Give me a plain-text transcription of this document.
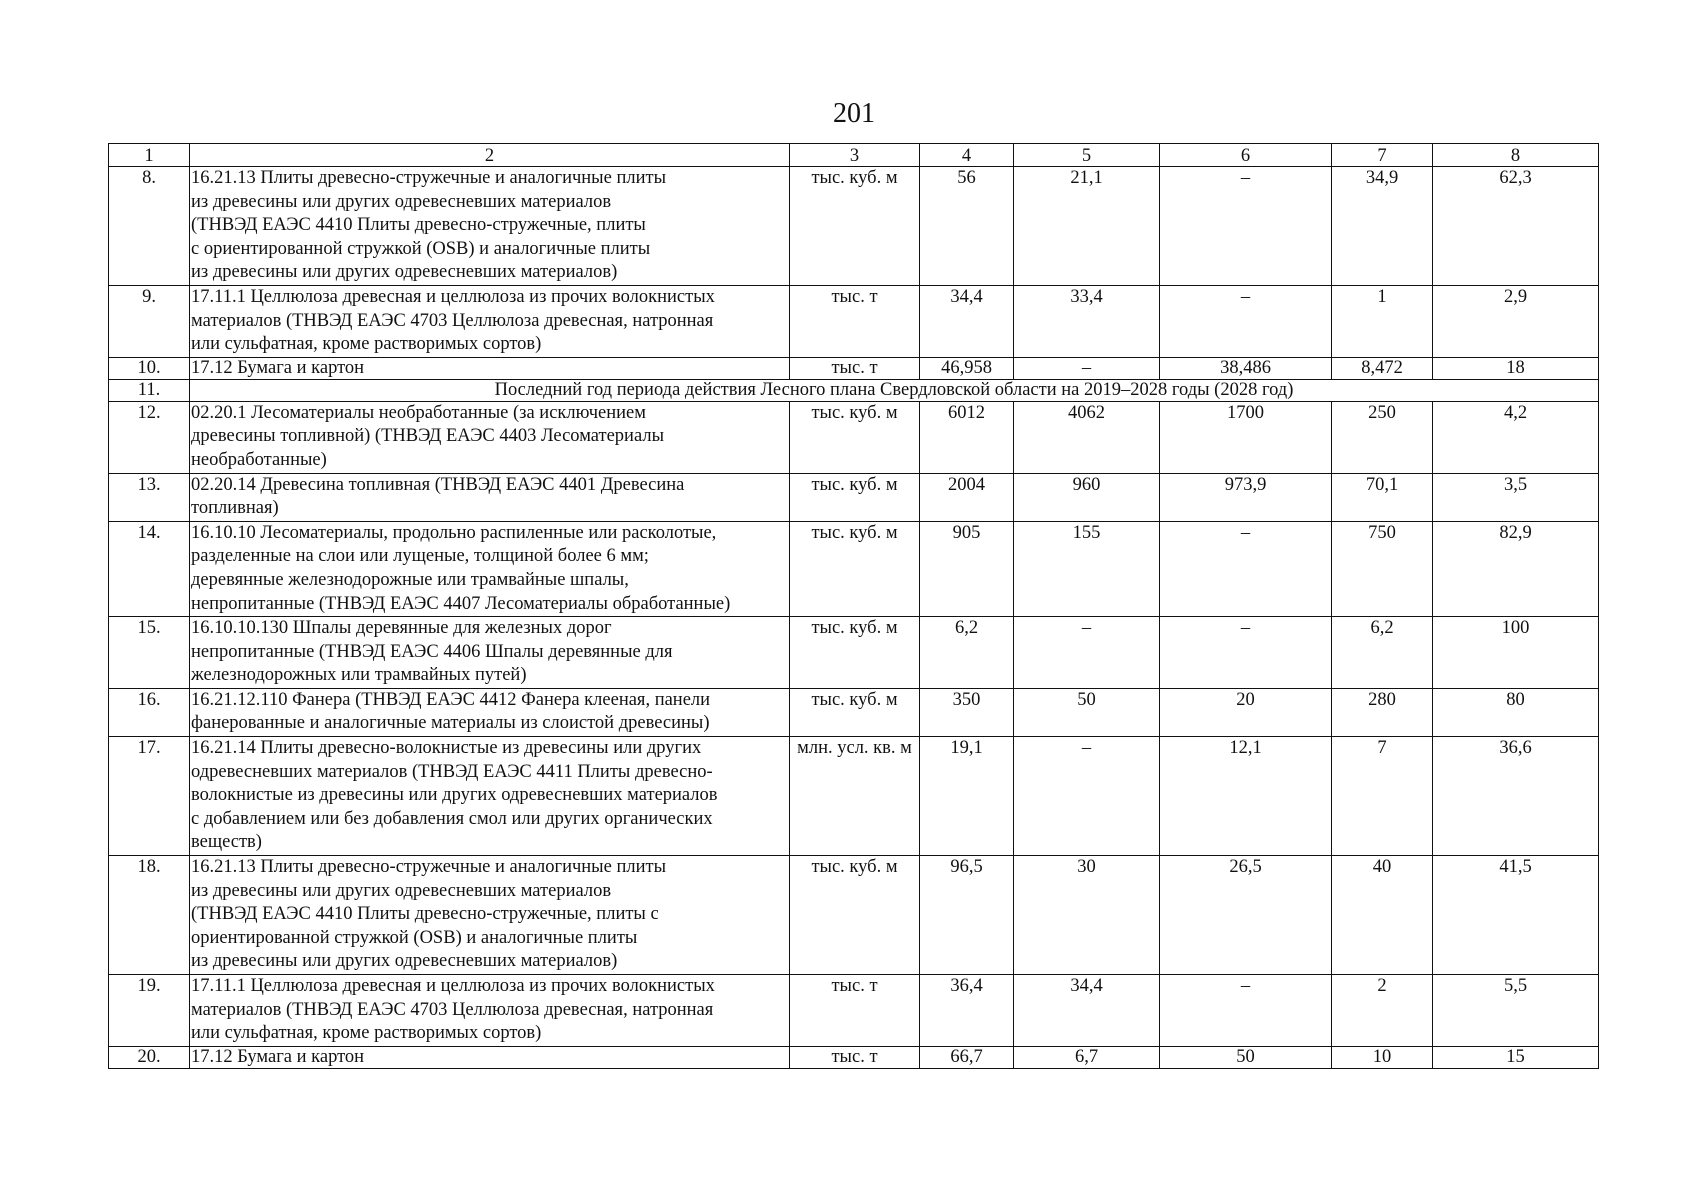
201
1	2	3	4	5	6	7	8
8.	16.21.13 Плиты древесно-стружечные и аналогичные плиты
из древесины или других одревесневших материалов
(ТНВЭД ЕАЭС 4410 Плиты древесно-стружечные, плиты
с ориентированной стружкой (OSB) и аналогичные плиты
из древесины или других одревесневших материалов)	тыс. куб. м	56	21,1	–	34,9	62,3
9.	17.11.1 Целлюлоза древесная и целлюлоза из прочих волокнистых
материалов (ТНВЭД ЕАЭС 4703 Целлюлоза древесная, натронная
или сульфатная, кроме растворимых сортов)	тыс. т	34,4	33,4	–	1	2,9
10.	17.12 Бумага и картон	тыс. т	46,958	–	38,486	8,472	18
11.	Последний год периода действия Лесного плана Свердловской области на 2019–2028 годы (2028 год)						
12.	02.20.1 Лесоматериалы необработанные (за исключением
древесины топливной) (ТНВЭД ЕАЭС 4403 Лесоматериалы
необработанные)	тыс. куб. м	6012	4062	1700	250	4,2
13.	02.20.14 Древесина топливная (ТНВЭД ЕАЭС 4401 Древесина
топливная)	тыс. куб. м	2004	960	973,9	70,1	3,5
14.	16.10.10 Лесоматериалы, продольно распиленные или расколотые,
разделенные на слои или лущеные, толщиной более 6 мм;
деревянные железнодорожные или трамвайные шпалы,
непропитанные (ТНВЭД ЕАЭС 4407 Лесоматериалы обработанные)	тыс. куб. м	905	155	–	750	82,9
15.	16.10.10.130 Шпалы деревянные для железных дорог
непропитанные (ТНВЭД ЕАЭС 4406 Шпалы деревянные для
железнодорожных или трамвайных путей)	тыс. куб. м	6,2	–	–	6,2	100
16.	16.21.12.110 Фанера (ТНВЭД ЕАЭС 4412 Фанера клееная, панели
фанерованные и аналогичные материалы из слоистой древесины)	тыс. куб. м	350	50	20	280	80
17.	16.21.14 Плиты древесно-волокнистые из древесины или других
одревесневших материалов (ТНВЭД ЕАЭС 4411 Плиты древесно-
волокнистые из древесины или других одревесневших материалов
с добавлением или без добавления смол или других органических
веществ)	млн. усл. кв. м	19,1	–	12,1	7	36,6
18.	16.21.13 Плиты древесно-стружечные и аналогичные плиты
из древесины или других одревесневших материалов
(ТНВЭД ЕАЭС 4410 Плиты древесно-стружечные, плиты с
ориентированной стружкой (OSB) и аналогичные плиты
из древесины или других одревесневших материалов)	тыс. куб. м	96,5	30	26,5	40	41,5
19.	17.11.1 Целлюлоза древесная и целлюлоза из прочих волокнистых
материалов (ТНВЭД ЕАЭС 4703 Целлюлоза древесная, натронная
или сульфатная, кроме растворимых сортов)	тыс. т	36,4	34,4	–	2	5,5
20.	17.12 Бумага и картон	тыс. т	66,7	6,7	50	10	15
